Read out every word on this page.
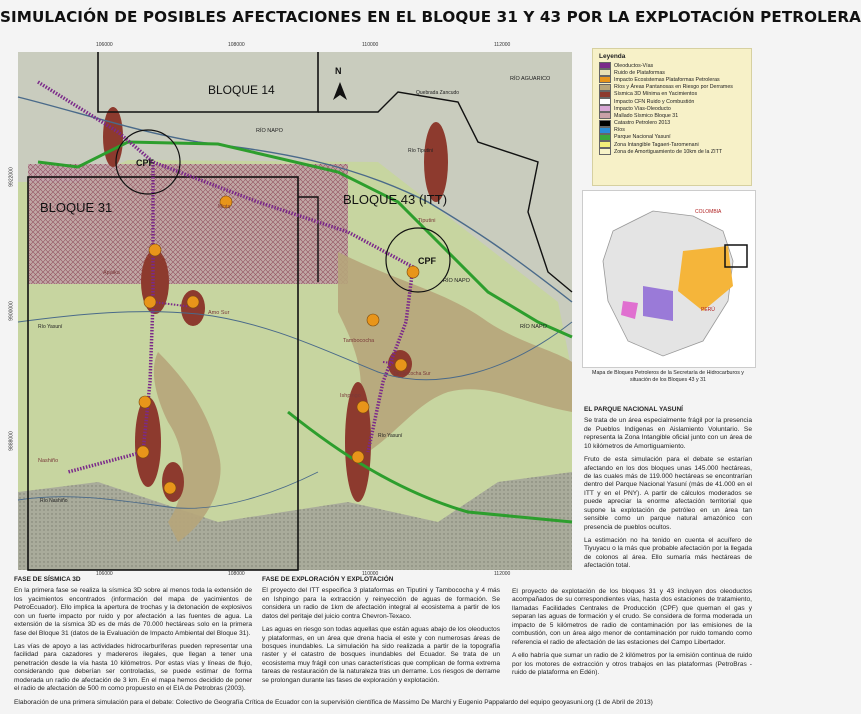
SIMULACIÓN DE POSIBLES AFECTACIONES EN EL BLOQUE 31 Y 43 POR LA EXPLOTACIÓN PETROLERA
N
BLOQUE 14
BLOQUE 31
BLOQUE 43 (ITT)
CPF
CPF
RÍO AGUARICO
RÍO NAPO
RÍO NAPO
Río Yasuní	RÍO NAPO
Río Yasuní
Río Nashiño
Río Tiputini
Tiputini
Tambococha
Ishpingo
Nashiño
Apaika
Amo Sur
Tambococha Sur
Minta
Quebrada Zancudo
106000	108000	110000	112000
106000	108000	110000	112000
9922000
9900000
9888000
Leyenda
Oleoductos-Vías
Ruido de Plataformas
Impacto Ecosistemas Plataformas Petroleras
Ríos y Áreas Pantanosas en Riesgo por Derrames
Sísmica 3D Mínima en Yacimientos
Impacto CFN Ruido y Combustión
Impacto Vías-Oleoducto
Mallado Sísmico Bloque 31
Catastro Petrolero 2013
Ríos
Parque Nacional Yasuní
Zona Intangible Tagaeri-Taromenani
Zona de Amortiguamiento de 10km de la ZITT
COLOMBIA
PERÚ
Mapa de Bloques Petroleros de la Secretaría de Hidrocarburos y situación de los Bloques 43 y 31
EL PARQUE NACIONAL YASUNÍ

Se trata de un área especialmente frágil por la presencia de Pueblos Indígenas en Aislamiento Voluntario. Se representa la Zona Intangible oficial junto con un área de 10 kilómetros de Amortiguamiento.

Fruto de esta simulación para el debate se estarían afectando en los dos bloques unas 145.000 hectáreas, de las cuales más de 119.000 hectáreas se encontrarían dentro del Parque Nacional Yasuní (más de 41.000 en el ITT y en el PNY). A partir de cálculos moderados se puede apreciar la enorme afectación territorial que supone la explotación de petróleo en un área tan sensible como un parque natural amazónico con presencia de pueblos ocultos.

La estimación no ha tenido en cuenta el acuífero de Tiyuyacu o la más que probable afectación por la llegada de colonos al área. Ello sumaría más hectáreas de afectación total.

FASE DE SÍSMICA 3D

En la primera fase se realiza la sísmica 3D sobre al menos toda la extensión de los yacimientos encontrados (información del mapa de yacimientos de PetroEcuador). Ello implica la apertura de trochas y la detonación de explosivos con un fuerte impacto por ruido y por afectación a las fuentes de agua. La extensión de la sísmica 3D es de más de 70.000 hectáreas solo en la primera fase del Bloque 31 (datos de la Evaluación de Impacto Ambiental del Bloque 31).

Las vías de apoyo a las actividades hidrocarburíferas pueden representar una facilidad para cazadores y madereros ilegales, que llegan a tener una penetración desde la vía hasta 10 kilómetros. Por estas vías y líneas de flujo, considerando que deberían ser controladas, se puede estimar de forma moderada un radio de afectación de 3 km. En el mapa hemos decidido de poner el radio de afectación de 500 m como propuesto en el EIA de Petrobras (2003).

FASE DE EXPLORACIÓN Y EXPLOTACIÓN

El proyecto del ITT especifica 3 plataformas en Tiputini y Tambococha y 4 más en Ishpingo para la extracción y reinyección de aguas de formación. Se considera un radio de 1km de afectación integral al ecosistema a partir de los datos del peritaje del juicio contra Chevron-Texaco.

Las aguas en riesgo son todas aquellas que están aguas abajo de los oleoductos y plataformas, en un área que drena hacia el este y con numerosas áreas de bosques inundables. La simulación ha sido realizada a partir de la topografía raster y el catastro de bosques inundables del Ecuador. Se trata de un ecosistema muy frágil con unas características que complican de forma extrema tareas de restauración de la naturaleza tras un derrame. Los riesgos de derrame se prolongan durante las fases de exploración y explotación.

El proyecto de explotación de los bloques 31 y 43 incluyen dos oleoductos acompañados de su correspondientes vías, hasta dos estaciones de tratamiento, llamadas Facilidades Centrales de Producción (CPF) que queman el gas y separan las aguas de formación y el crudo. Se considera de forma moderada un impacto de 5 kilómetros de radio de contaminación por las emisiones de la combustión, con un área algo menor de contaminación por ruido tomando como referencia el radio de afectación de las estaciones del Campo Libertador.

A ello habría que sumar un radio de 2 kilómetros por la emisión continua de ruido por los motores de extracción y otros trabajos en las plataformas (PetroBras - ruido de plataforma en Edén).

Elaboración de una primera simulación para el debate: Colectivo de Geografía Crítica de Ecuador con la supervisión científica de Massimo De Marchi y Eugenio Pappalardo del equipo geoyasuni.org (1 de Abril de 2013)
